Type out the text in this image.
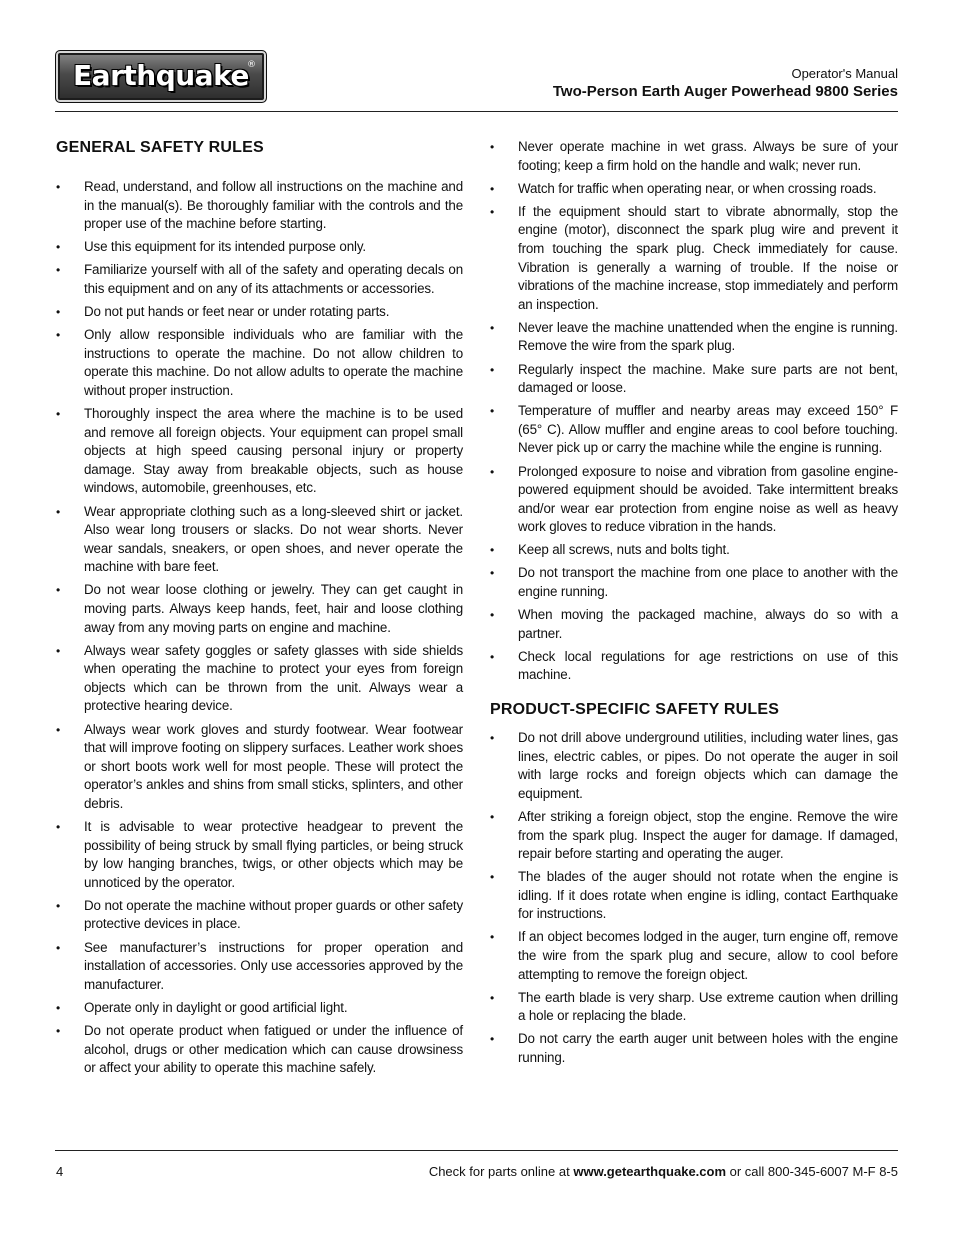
Earthquake
®
Operator's Manual
Two-Person Earth Auger Powerhead 9800 Series
GENERAL SAFETY RULES
• Read, understand, and follow all instructions on the machine and in the manual(s). Be thoroughly familiar with the controls and the proper use of the machine before starting.
• Use this equipment for its intended purpose only.
• Familiarize yourself with all of the safety and operating decals on this equipment and on any of its attachments or accessories.
• Do not put hands or feet near or under rotating parts.
• Only allow responsible individuals who are familiar with the instructions to operate the machine. Do not allow children to operate this machine. Do not allow adults to operate the machine without proper instruction.
• Thoroughly inspect the area where the machine is to be used and remove all foreign objects. Your equipment can propel small objects at high speed causing personal injury or property damage. Stay away from breakable objects, such as house windows, automobile, greenhouses, etc.
• Wear appropriate clothing such as a long-sleeved shirt or jacket. Also wear long trousers or slacks. Do not wear shorts. Never wear sandals, sneakers, or open shoes, and never operate the machine with bare feet.
• Do not wear loose clothing or jewelry. They can get caught in moving parts. Always keep hands, feet, hair and loose clothing away from any moving parts on engine and machine.
• Always wear safety goggles or safety glasses with side shields when operating the machine to protect your eyes from foreign objects which can be thrown from the unit. Always wear a protective hearing device.
• Always wear work gloves and sturdy footwear. Wear footwear that will improve footing on slippery surfaces. Leather work shoes or short boots work well for most people. These will protect the operator’s ankles and shins from small sticks, splinters, and other debris.
• It is advisable to wear protective headgear to prevent the possibility of being struck by small flying particles, or being struck by low hanging branches, twigs, or other objects which may be unnoticed by the operator.
• Do not operate the machine without proper guards or other safety protective devices in place.
• See manufacturer’s instructions for proper operation and installation of accessories. Only use accessories approved by the manufacturer.
• Operate only in daylight or good artificial light.
• Do not operate product when fatigued or under the influence of alcohol, drugs or other medication which can cause drowsiness or affect your ability to operate this machine safely.
• Never operate machine in wet grass. Always be sure of your footing; keep a firm hold on the handle and walk; never run.
• Watch for traffic when operating near, or when crossing roads.
• If the equipment should start to vibrate abnormally, stop the engine (motor), disconnect the spark plug wire and prevent it from touching the spark plug. Check immediately for cause. Vibration is generally a warning of trouble. If the noise or vibrations of the machine increase, stop immediately and perform an inspection.
• Never leave the machine unattended when the engine is running. Remove the wire from the spark plug.
• Regularly inspect the machine. Make sure parts are not bent, damaged or loose.
• Temperature of muffler and nearby areas may exceed 150° F (65° C). Allow muffler and engine areas to cool before touching. Never pick up or carry the machine while the engine is running.
• Prolonged exposure to noise and vibration from gasoline engine-powered equipment should be avoided. Take intermittent breaks and/or wear ear protection from engine noise as well as heavy work gloves to reduce vibration in the hands.
• Keep all screws, nuts and bolts tight.
• Do not transport the machine from one place to another with the engine running.
• When moving the packaged machine, always do so with a partner.
• Check local regulations for age restrictions on use of this machine.
PRODUCT-SPECIFIC SAFETY RULES
• Do not drill above underground utilities, including water lines, gas lines, electric cables, or pipes. Do not operate the auger in soil with large rocks and foreign objects which can damage the equipment.
• After striking a foreign object, stop the engine. Remove the wire from the spark plug. Inspect the auger for damage. If damaged, repair before starting and operating the auger.
• The blades of the auger should not rotate when the engine is idling. If it does rotate when engine is idling, contact Earthquake for instructions.
• If an object becomes lodged in the auger, turn engine off, remove the wire from the spark plug and secure, allow to cool before attempting to remove the foreign object.
• The earth blade is very sharp. Use extreme caution when drilling a hole or replacing the blade.
• Do not carry the earth auger unit between holes with the engine running.
4	Check for parts online at www.getearthquake.com or call 800-345-6007 M-F 8-5
